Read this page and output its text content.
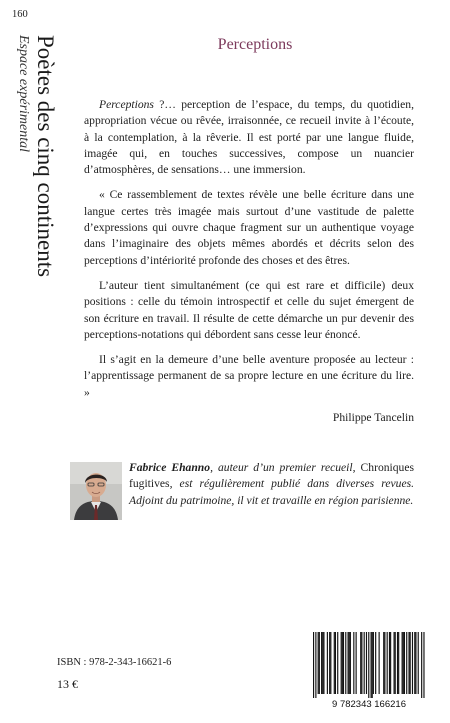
160
Poètes des cinq continents
Espace expérimental	Perceptions

Perceptions ?… perception de l’espace, du temps, du quotidien, appropriation vécue ou rêvée, irraisonnée, ce recueil invite à l’écoute, à la contemplation, à la rêverie. Il est porté par une langue fluide, imagée qui, en touches successives, compose un nuancier d’atmosphères, de sensations… une immersion.

« Ce rassemblement de textes révèle une belle écriture dans une langue certes très imagée mais surtout d’une vastitude de palette d’expressions qui ouvre chaque fragment sur un authentique voyage dans l’imaginaire des objets mêmes abordés et décrits selon des perceptions d’intériorité profonde des choses et des êtres.

L’auteur tient simultanément (ce qui est rare et difficile) deux positions : celle du témoin introspectif et celle du sujet émergent de son écriture en travail. Il résulte de cette démarche un pur devenir des perceptions-notations qui débordent sans cesse leur énoncé.

Il s’agit en la demeure d’une belle aventure proposée au lecteur : l’apprentissage permanent de sa propre lecture en une écriture du lire. »

Philippe Tancelin

Fabrice Ehanno, auteur d’un premier recueil, Chroniques fugitives, est régulièrement publié dans diverses revues. Adjoint du patrimoine, il vit et travaille en région parisienne.
ISBN : 978-2-343-16621-6
13 €
9 782343 166216
